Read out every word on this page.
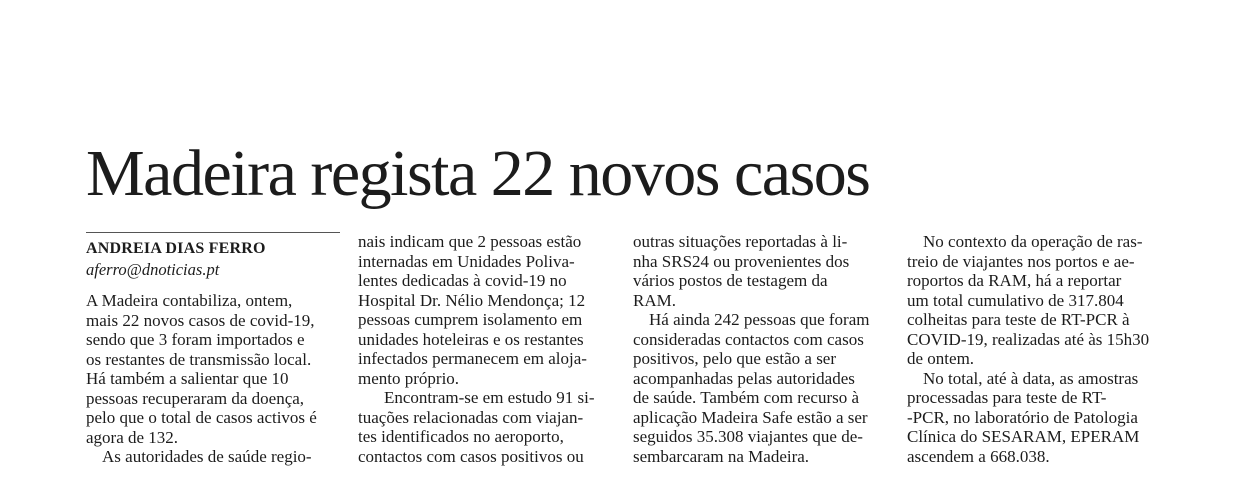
Madeira regista 22 novos casos
ANDREIA DIAS FERRO
aferro@dnoticias.pt
A Madeira contabiliza, ontem,
mais 22 novos casos de covid-19,
sendo que 3 foram importados e
os restantes de transmissão local.
Há também a salientar que 10
pessoas recuperaram da doença,
pelo que o total de casos activos é
agora de 132.
As autoridades de saúde regio-
nais indicam que 2 pessoas estão
internadas em Unidades Poliva-
lentes dedicadas à covid-19 no
Hospital Dr. Nélio Mendonça; 12
pessoas cumprem isolamento em
unidades hoteleiras e os restantes
infectados permanecem em aloja-
mento próprio.
Encontram-se em estudo 91 si-
tuações relacionadas com viajan-
tes identificados no aeroporto,
contactos com casos positivos ou
outras situações reportadas à li-
nha SRS24 ou provenientes dos
vários postos de testagem da
RAM.
Há ainda 242 pessoas que foram
consideradas contactos com casos
positivos, pelo que estão a ser
acompanhadas pelas autoridades
de saúde. Também com recurso à
aplicação Madeira Safe estão a ser
seguidos 35.308 viajantes que de-
sembarcaram na Madeira.
No contexto da operação de ras-
treio de viajantes nos portos e ae-
roportos da RAM, há a reportar
um total cumulativo de 317.804
colheitas para teste de RT-PCR à
COVID-19, realizadas até às 15h30
de ontem.
No total, até à data, as amostras
processadas para teste de RT-
-PCR, no laboratório de Patologia
Clínica do SESARAM, EPERAM
ascendem a 668.038.
